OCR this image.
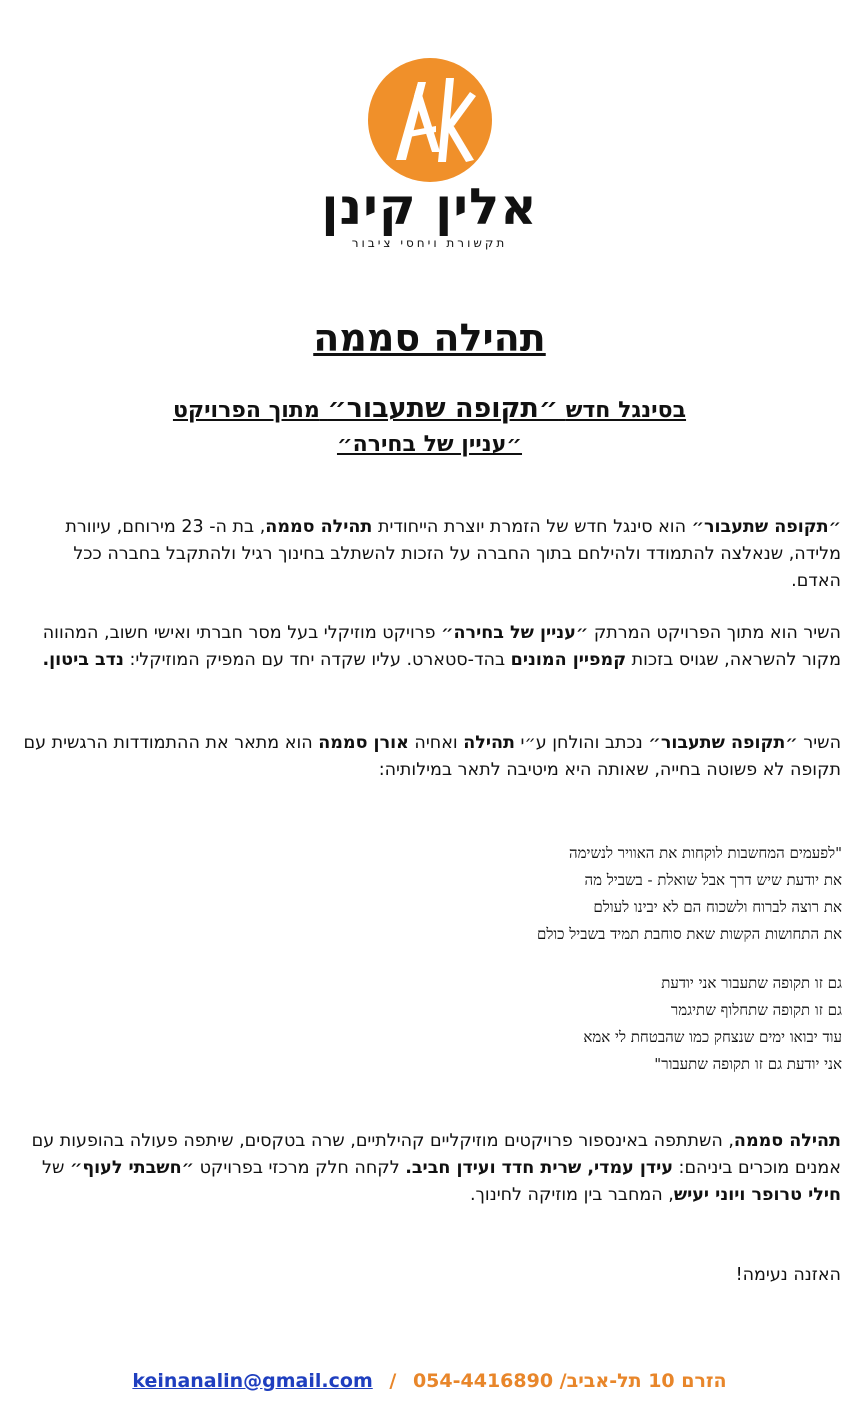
אלין קינן
תקשורת ויחסי ציבור
תהילה סממה
בסינגל חדש ״תקופה שתעבור״ מתוך הפרויקט
״עניין של בחירה״
״תקופה שתעבור״ הוא סינגל חדש של הזמרת יוצרת הייחודית תהילה סממה, בת ה- 23 מירוחם, עיוורת מלידה, שנאלצה להתמודד ולהילחם בתוך החברה על הזכות להשתלב בחינוך רגיל ולהתקבל בחברה ככל האדם.
השיר הוא מתוך הפרויקט המרתק ״עניין של בחירה״ פרויקט מוזיקלי בעל מסר חברתי ואישי חשוב, המהווה מקור להשראה, שגויס בזכות קמפיין המונים בהד-סטארט. עליו שקדה יחד עם המפיק המוזיקלי: נדב ביטון.
השיר ״תקופה שתעבור״ נכתב והולחן ע״י תהילה ואחיה אורן סממה הוא מתאר את ההתמודדות הרגשית עם תקופה לא פשוטה בחייה, שאותה היא מיטיבה לתאר במילותיה:
"לפעמים המחשבות לוקחות את האוויר לנשימה
את יודעת שיש דרך אבל שואלת - בשביל מה
את רוצה לברוח ולשכוח הם לא יבינו לעולם
את התחושות הקשות שאת סוחבת תמיד בשביל כולם
גם זו תקופה שתעבור אני יודעת
גם זו תקופה שתחלוף שתיגמר
עוד יבואו ימים שנצחק כמו שהבטחת לי אמא
אני יודעת גם זו תקופה שתעבור"
תהילה סממה, השתתפה באינספור פרויקטים מוזיקליים קהילתיים, שרה בטקסים, שיתפה פעולה בהופעות עם אמנים מוכרים ביניהם: עידן עמדי, שרית חדד ועידן חביב. לקחה חלק מרכזי בפרויקט ״חשבתי לעוף״ של חילי טרופר ויוני יעיש, המחבר בין מוזיקה לחינוך.
האזנה נעימה!
keinanalin@gmail.com / הזרם 10 תל-אביב/ 054-4416890
